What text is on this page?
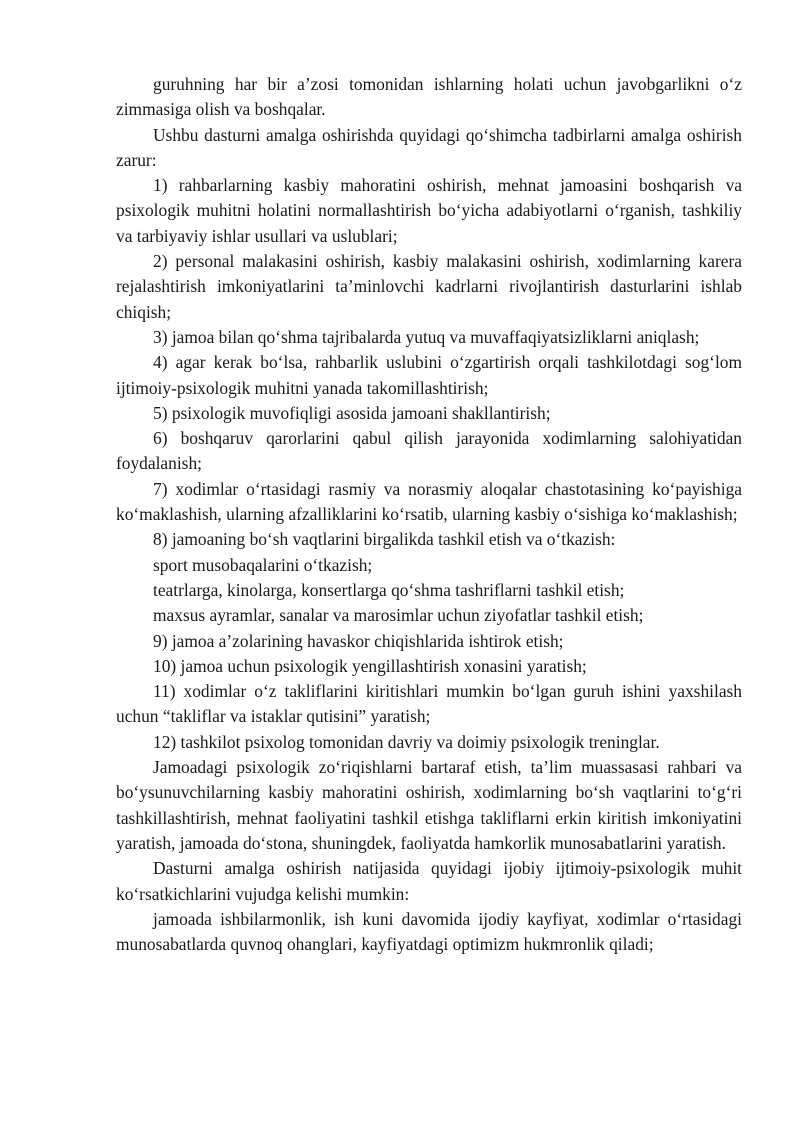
guruhning har bir a’zosi tomonidan ishlarning holati uchun javobgarlikni o‘z zimmasiga olish va boshqalar.

Ushbu dasturni amalga oshirishda quyidagi qo‘shimcha tadbirlarni amalga oshirish zarur:

1) rahbarlarning kasbiy mahoratini oshirish, mehnat jamoasini boshqarish va psixologik muhitni holatini normallashtirish bo‘yicha adabiyotlarni o‘rganish, tashkiliy va tarbiyaviy ishlar usullari va uslublari;

2) personal malakasini oshirish, kasbiy malakasini oshirish, xodimlarning karera rejalashtirish imkoniyatlarini ta’minlovchi kadrlarni rivojlantirish dasturlarini ishlab chiqish;

3) jamoa bilan qo‘shma tajribalarda yutuq va muvaffaqiyatsizliklarni aniqlash;

4) agar kerak bo‘lsa, rahbarlik uslubini o‘zgartirish orqali tashkilotdagi sog‘lom ijtimoiy-psixologik muhitni yanada takomillashtirish;

5) psixologik muvofiqligi asosida jamoani shakllantirish;

6) boshqaruv qarorlarini qabul qilish jarayonida xodimlarning salohiyatidan foydalanish;

7) xodimlar o‘rtasidagi rasmiy va norasmiy aloqalar chastotasining ko‘payishiga ko‘maklashish, ularning afzalliklarini ko‘rsatib, ularning kasbiy o‘sishiga ko‘maklashish;

8) jamoaning bo‘sh vaqtlarini birgalikda tashkil etish va o‘tkazish:

sport musobaqalarini o‘tkazish;

teatrlarga, kinolarga, konsertlarga qo‘shma tashriflarni tashkil etish;

maxsus ayramlar, sanalar va marosimlar uchun ziyofatlar tashkil etish;

9) jamoa a’zolarining havaskor chiqishlarida ishtirok etish;

10) jamoa uchun psixologik yengillashtirish xonasini yaratish;

11) xodimlar o‘z takliflarini kiritishlari mumkin bo‘lgan guruh ishini yaxshilash uchun “takliflar va istaklar qutisini” yaratish;

12) tashkilot psixolog tomonidan davriy va doimiy psixologik treninglar.

Jamoadagi psixologik zo‘riqishlarni bartaraf etish, ta’lim muassasasi rahbari va bo‘ysunuvchilarning kasbiy mahoratini oshirish, xodimlarning bo‘sh vaqtlarini to‘g‘ri tashkillashtirish, mehnat faoliyatini tashkil etishga takliflarni erkin kiritish imkoniyatini yaratish, jamoada do‘stona, shuningdek, faoliyatda hamkorlik munosabatlarini yaratish.

Dasturni amalga oshirish natijasida quyidagi ijobiy ijtimoiy-psixologik muhit ko‘rsatkichlarini vujudga kelishi mumkin:

jamoada ishbilarmonlik, ish kuni davomida ijodiy kayfiyat, xodimlar o‘rtasidagi munosabatlarda quvnoq ohanglari, kayfiyatdagi optimizm hukmronlik qiladi;
